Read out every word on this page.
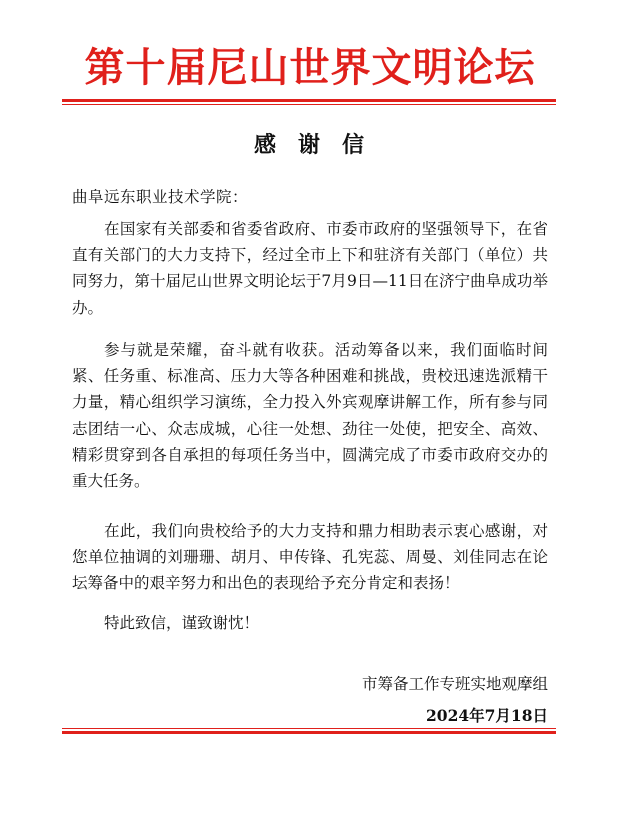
第十届尼山世界文明论坛
感谢信
曲阜远东职业技术学院：
在国家有关部委和省委省政府、市委市政府的坚强领导下，在省直有关部门的大力支持下，经过全市上下和驻济有关部门（单位）共同努力，第十届尼山世界文明论坛于7月9日—11日在济宁曲阜成功举办。
参与就是荣耀，奋斗就有收获。活动筹备以来，我们面临时间紧、任务重、标准高、压力大等各种困难和挑战，贵校迅速选派精干力量，精心组织学习演练，全力投入外宾观摩讲解工作，所有参与同志团结一心、众志成城，心往一处想、劲往一处使，把安全、高效、精彩贯穿到各自承担的每项任务当中，圆满完成了市委市政府交办的重大任务。
在此，我们向贵校给予的大力支持和鼎力相助表示衷心感谢，对您单位抽调的刘珊珊、胡月、申传锋、孔宪蕊、周曼、刘佳同志在论坛筹备中的艰辛努力和出色的表现给予充分肯定和表扬！
特此致信，谨致谢忱！
市筹备工作专班实地观摩组
2024年7月18日
